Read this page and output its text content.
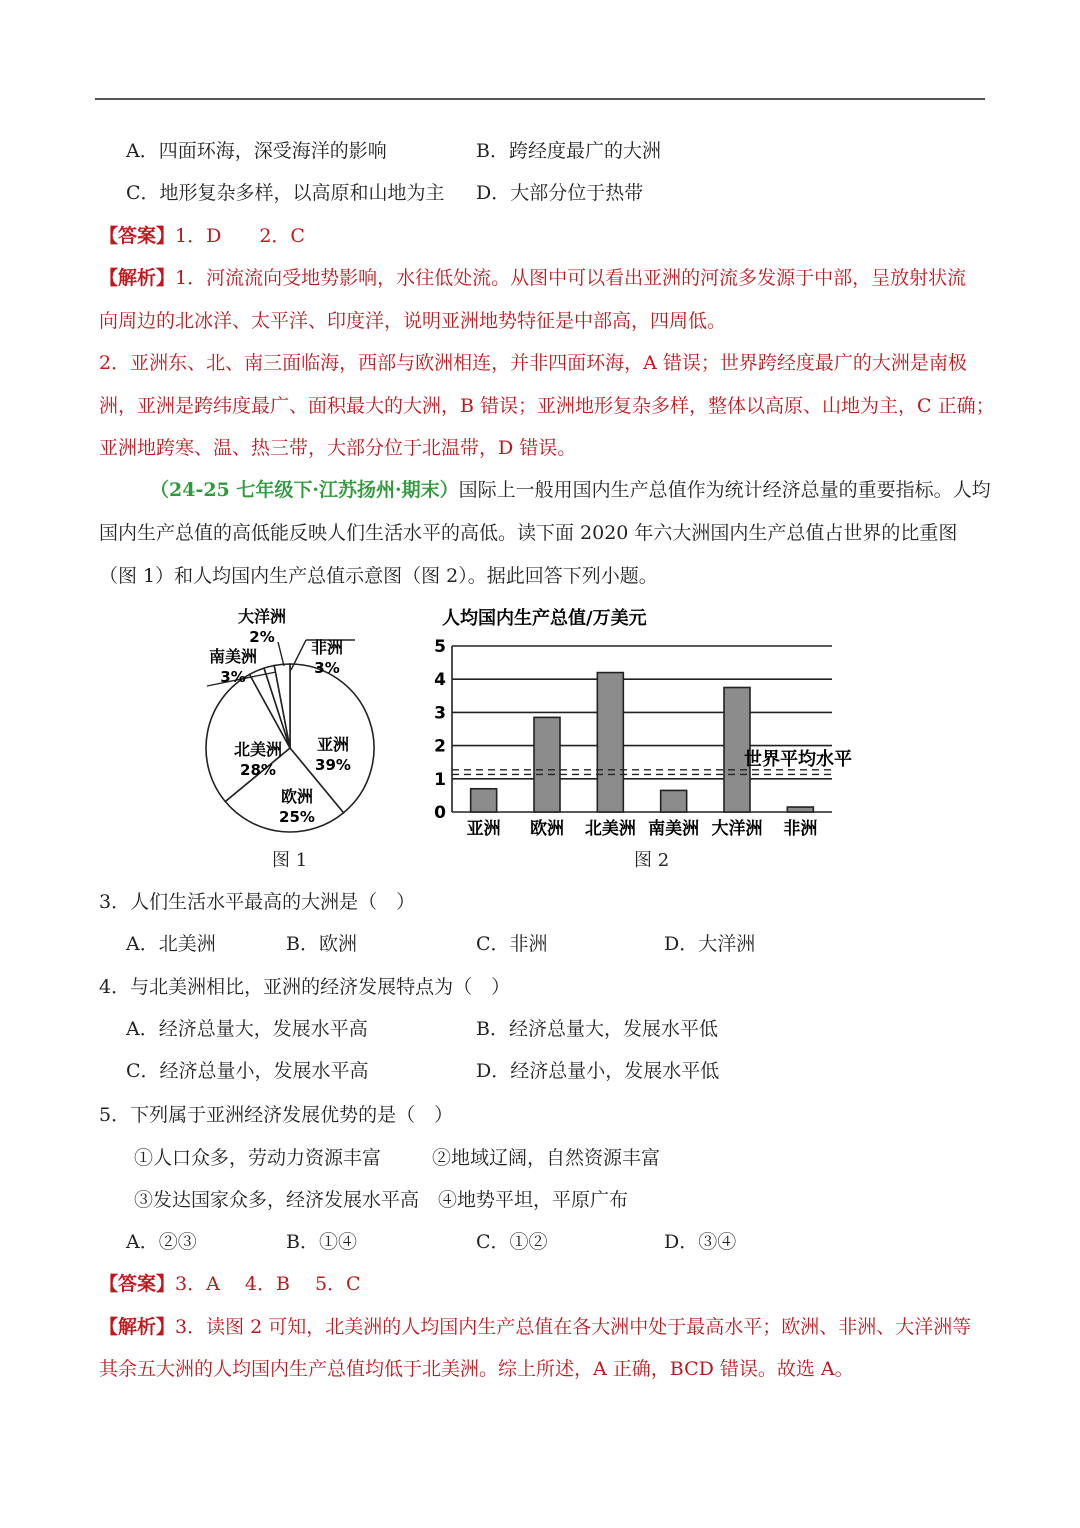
A．四面环海，深受海洋的影响	B．跨经度最广的大洲
C．地形复杂多样，以高原和山地为主 D．大部分位于热带
【答案】1．D　　2．C
【解析】1．河流流向受地势影响，水往低处流。从图中可以看出亚洲的河流多发源于中部，呈放射状流
向周边的北冰洋、太平洋、印度洋，说明亚洲地势特征是中部高，四周低。
2．亚洲东、北、南三面临海，西部与欧洲相连，并非四面环海，A 错误；世界跨经度最广的大洲是南极
洲，亚洲是跨纬度最广、面积最大的大洲，B 错误；亚洲地形复杂多样，整体以高原、山地为主，C 正确；
亚洲地跨寒、温、热三带，大部分位于北温带，D 错误。
（24-25 七年级下·江苏扬州·期末）国际上一般用国内生产总值作为统计经济总量的重要指标。人均
国内生产总值的高低能反映人们生活水平的高低。读下面 2020 年六大洲国内生产总值占世界的比重图
（图 1）和人均国内生产总值示意图（图 2）。据此回答下列小题。
大洋洲
2%
南美洲
3%
非洲
3%
亚洲
39%
北美洲
28%
欧洲
25%
图 1
人均国内生产总值/万美元
0
1
2
3
4
5
亚洲 欧洲 北美洲 南美洲 大洋洲 非洲
世界平均水平
图 2
3．人们生活水平最高的大洲是（　）
A．北美洲	B．欧洲	C．非洲	D．大洋洲
4．与北美洲相比，亚洲的经济发展特点为（　）
A．经济总量大，发展水平高	B．经济总量大，发展水平低
C．经济总量小，发展水平高	D．经济总量小，发展水平低
5．下列属于亚洲经济发展优势的是（　）
①人口众多，劳动力资源丰富	②地域辽阔，自然资源丰富
③发达国家众多，经济发展水平高 ④地势平坦，平原广布
A．②③	B．①④	C．①②	D．③④
【答案】3．A　 4．B　 5．C
【解析】3．读图 2 可知，北美洲的人均国内生产总值在各大洲中处于最高水平；欧洲、非洲、大洋洲等
其余五大洲的人均国内生产总值均低于北美洲。综上所述，A 正确，BCD 错误。故选 A。
